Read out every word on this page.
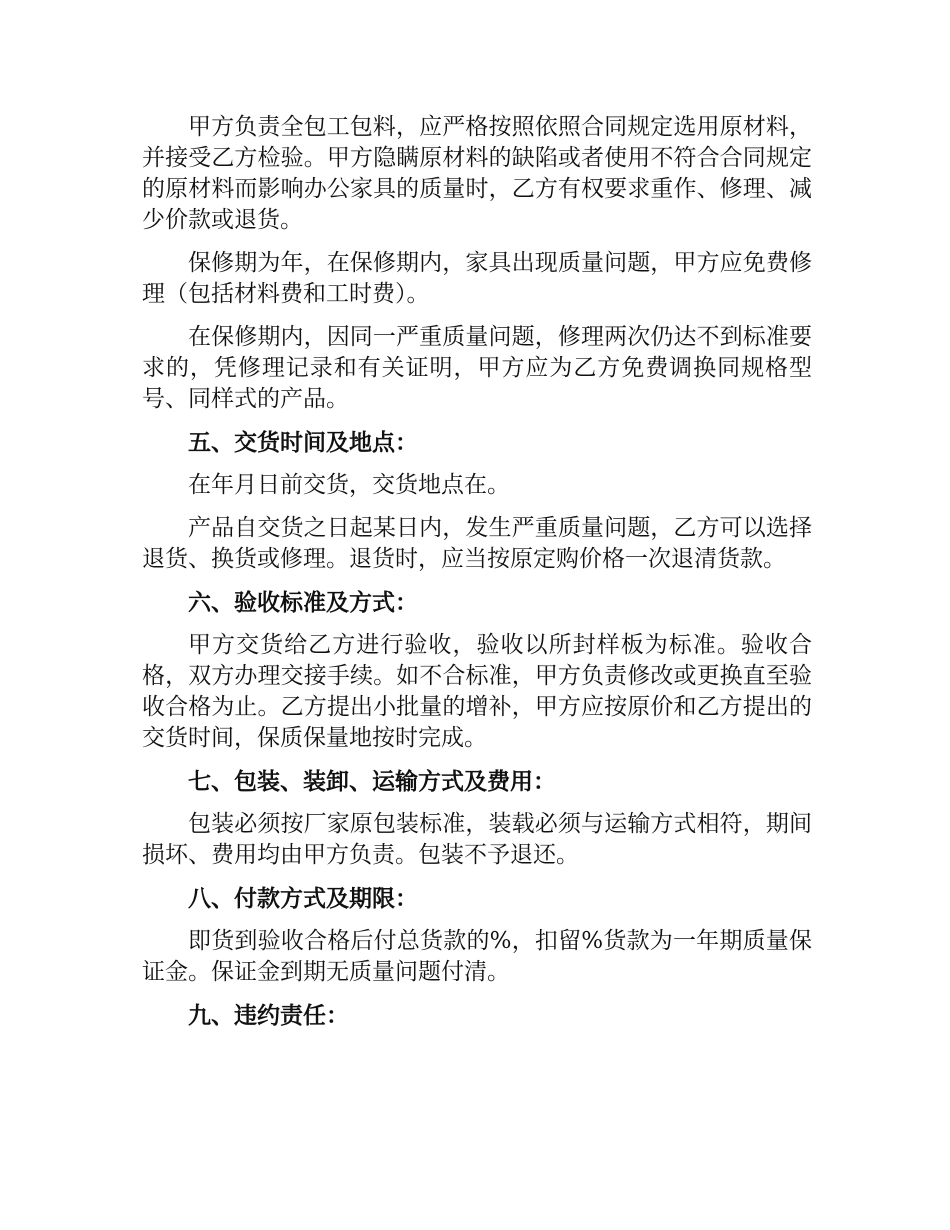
甲方负责全包工包料，应严格按照依照合同规定选用原材料，并接受乙方检验。甲方隐瞒原材料的缺陷或者使用不符合合同规定的原材料而影响办公家具的质量时，乙方有权要求重作、修理、减少价款或退货。

保修期为年，在保修期内，家具出现质量问题，甲方应免费修理（包括材料费和工时费）。

在保修期内，因同一严重质量问题，修理两次仍达不到标准要求的，凭修理记录和有关证明，甲方应为乙方免费调换同规格型号、同样式的产品。

五、交货时间及地点：

在年月日前交货，交货地点在。

产品自交货之日起某日内，发生严重质量问题，乙方可以选择退货、换货或修理。退货时，应当按原定购价格一次退清货款。

六、验收标准及方式：

甲方交货给乙方进行验收，验收以所封样板为标准。验收合格，双方办理交接手续。如不合标准，甲方负责修改或更换直至验收合格为止。乙方提出小批量的增补，甲方应按原价和乙方提出的交货时间，保质保量地按时完成。

七、包装、装卸、运输方式及费用：

包装必须按厂家原包装标准，装载必须与运输方式相符，期间损坏、费用均由甲方负责。包装不予退还。

八、付款方式及期限：

即货到验收合格后付总货款的%，扣留%货款为一年期质量保证金。保证金到期无质量问题付清。

九、违约责任：
